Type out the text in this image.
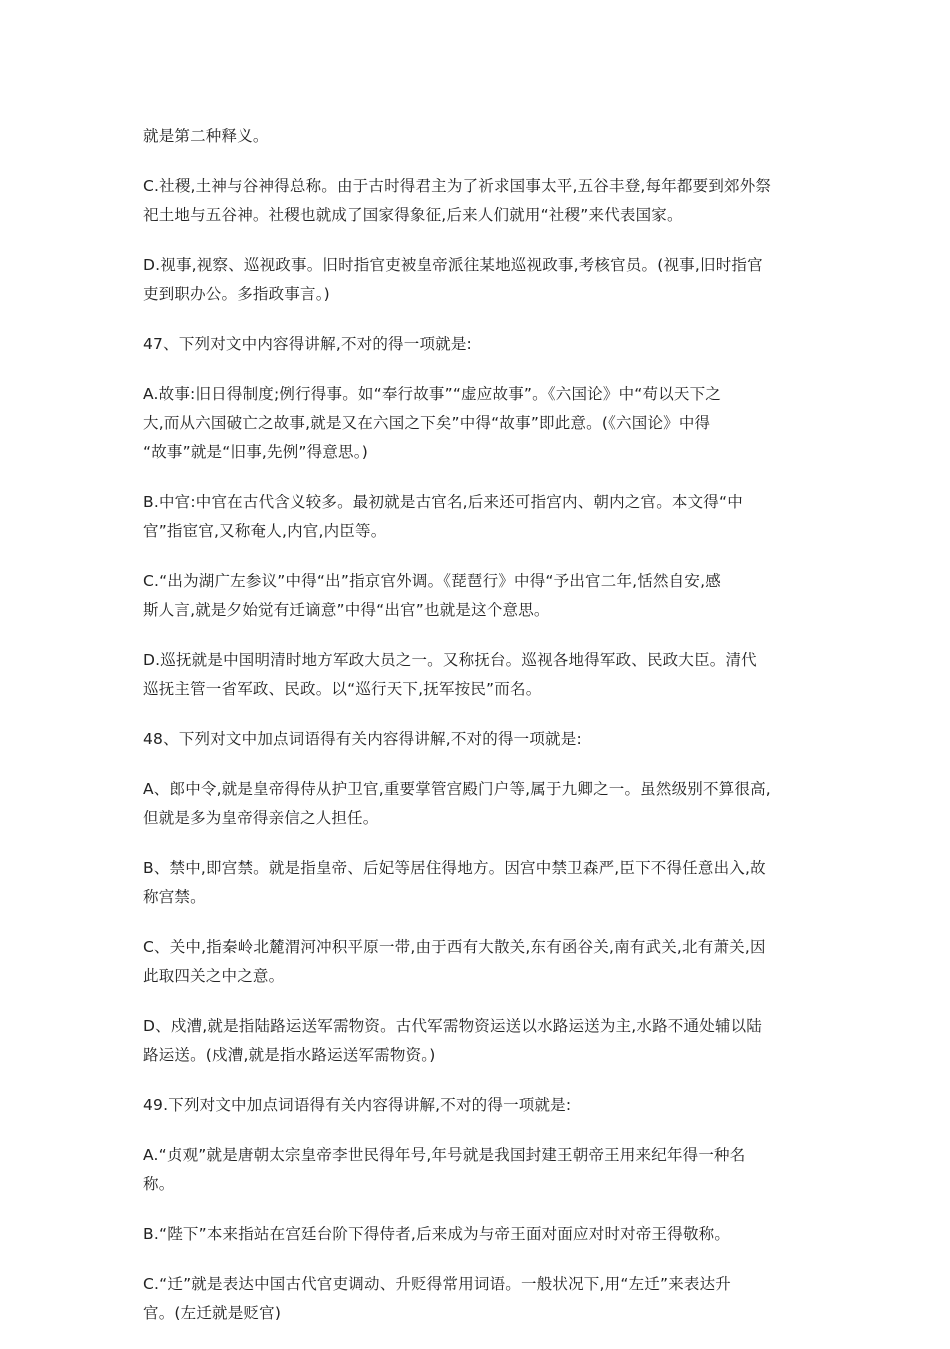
就是第二种释义。

C.社稷,土神与谷神得总称。由于古时得君主为了祈求国事太平,五谷丰登,每年都要到郊外祭
祀土地与五谷神。社稷也就成了国家得象征,后来人们就用“社稷”来代表国家。

D.视事,视察、巡视政事。旧时指官吏被皇帝派往某地巡视政事,考核官员。(视事,旧时指官
吏到职办公。多指政事言。)

47、下列对文中内容得讲解,不对的得一项就是:

A.故事:旧日得制度;例行得事。如“奉行故事”“虚应故事”。《六国论》中“苟以天下之
大,而从六国破亡之故事,就是又在六国之下矣”中得“故事”即此意。(《六国论》中得
“故事”就是“旧事,先例”得意思。)

B.中官:中官在古代含义较多。最初就是古官名,后来还可指宫内、朝内之官。本文得“中
官”指宦官,又称奄人,内官,内臣等。

C.“出为湖广左参议”中得“出”指京官外调。《琵琶行》中得“予出官二年,恬然自安,感
斯人言,就是夕始觉有迁谪意”中得“出官”也就是这个意思。

D.巡抚就是中国明清时地方军政大员之一。又称抚台。巡视各地得军政、民政大臣。清代
巡抚主管一省军政、民政。以“巡行天下,抚军按民”而名。

48、下列对文中加点词语得有关内容得讲解,不对的得一项就是:

A、郎中令,就是皇帝得侍从护卫官,重要掌管宫殿门户等,属于九卿之一。虽然级别不算很高,
但就是多为皇帝得亲信之人担任。

B、禁中,即宫禁。就是指皇帝、后妃等居住得地方。因宫中禁卫森严,臣下不得任意出入,故
称宫禁。

C、关中,指秦岭北麓渭河冲积平原一带,由于西有大散关,东有函谷关,南有武关,北有萧关,因
此取四关之中之意。

D、戍漕,就是指陆路运送军需物资。古代军需物资运送以水路运送为主,水路不通处辅以陆
路运送。(戍漕,就是指水路运送军需物资。)

49.下列对文中加点词语得有关内容得讲解,不对的得一项就是:

A.“贞观”就是唐朝太宗皇帝李世民得年号,年号就是我国封建王朝帝王用来纪年得一种名
称。

B.“陛下”本来指站在宫廷台阶下得侍者,后来成为与帝王面对面应对时对帝王得敬称。

C.“迁”就是表达中国古代官吏调动、升贬得常用词语。一般状况下,用“左迁”来表达升
官。(左迁就是贬官)
